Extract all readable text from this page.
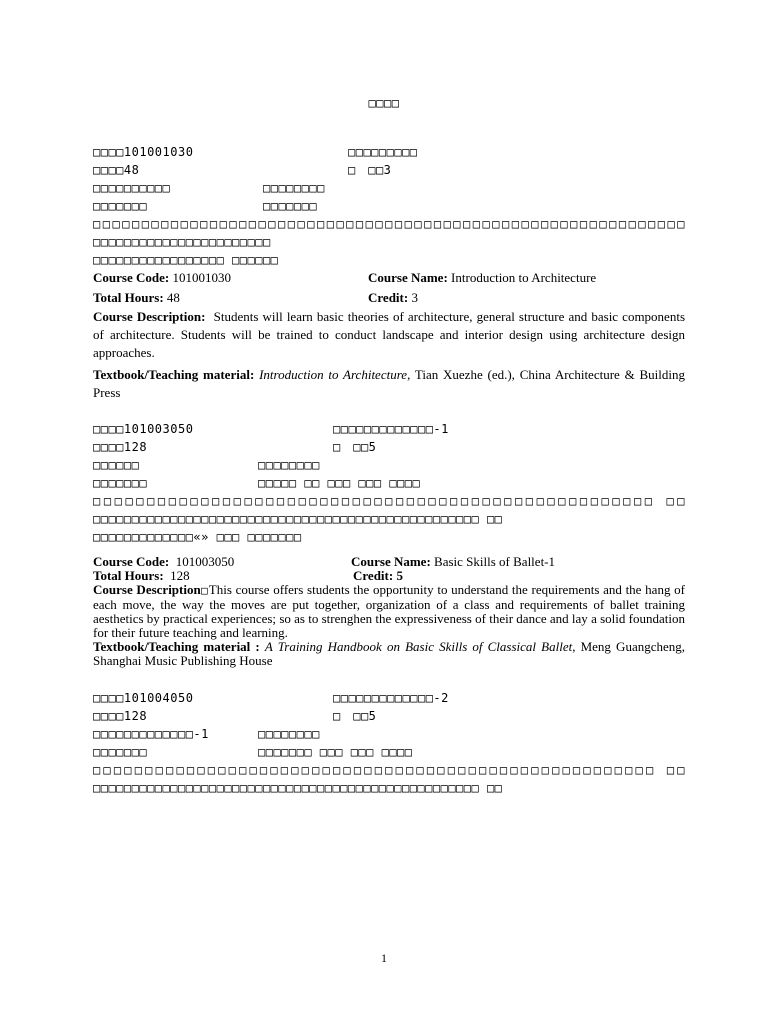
□□□□
□□□□101001030	□□□□□□□□□
□□□□48	□　□□3
□□□□□□□□□□	□□□□□□□□
□□□□□□□	□□□□□□□
□□□□□□□□□□□□□□□□□□□□□□□□□□□□□□□□□□□□□□□□□□□□□□□□□□□□□□□□□□□□□ □□□□□□□□□□□□□□□□□□□□□□□
□□□□□□□□□□□□□□□□□ □□□□□□
Course Code: 101001030	Course Name: Introduction to Architecture
Total Hours: 48	Credit: 3
Course Description: Students will learn basic theories of architecture, general structure and basic components of architecture. Students will be trained to conduct landscape and interior design using architecture design approaches.
Textbook/Teaching material: Introduction to Architecture, Tian Xuezhe (ed.), China Architecture & Building Press
□□□□101003050	□□□□□□□□□□□□□-1
□□□□128	□　□□5
□□□□□□	□□□□□□□□
□□□□□□□	□□□□□ □□ □□□ □□□ □□□□
□□□□□□□□□□□□□□□□□□□□□□□□□□□□□□□□□□□□□□□□□□□□□□□□□□□□ □□ □□□□□□□□□□□□□□□□□□□□□□□□□□□□□□□□□□□□□□□□□□□□□□□□□□ □□
□□□□□□□□□□□□□«» □□□ □□□□□□□
Course Code: 101003050	Course Name: Basic Skills of Ballet-1
Total Hours: 128	Credit: 5
Course Description□This course offers students the opportunity to understand the requirements and the hang of each move, the way the moves are put together, organization of a class and requirements of ballet training aesthetics by practical experiences; so as to strenghen the expressiveness of their dance and lay a solid foundation for their future teaching and learning.
Textbook/Teaching material : A Training Handbook on Basic Skills of Classical Ballet, Meng Guangcheng, Shanghai Music Publishing House
□□□□101004050	□□□□□□□□□□□□□-2
□□□□128	□　□□5
□□□□□□□□□□□□□-1	□□□□□□□□
□□□□□□□	□□□□□□□ □□□ □□□ □□□□
□□□□□□□□□□□□□□□□□□□□□□□□□□□□□□□□□□□□□□□□□□□□□□□□□□□□□□ □□ □□□□□□□□□□□□□□□□□□□□□□□□□□□□□□□□□□□□□□□□□□□□□□□□□□ □□
1
